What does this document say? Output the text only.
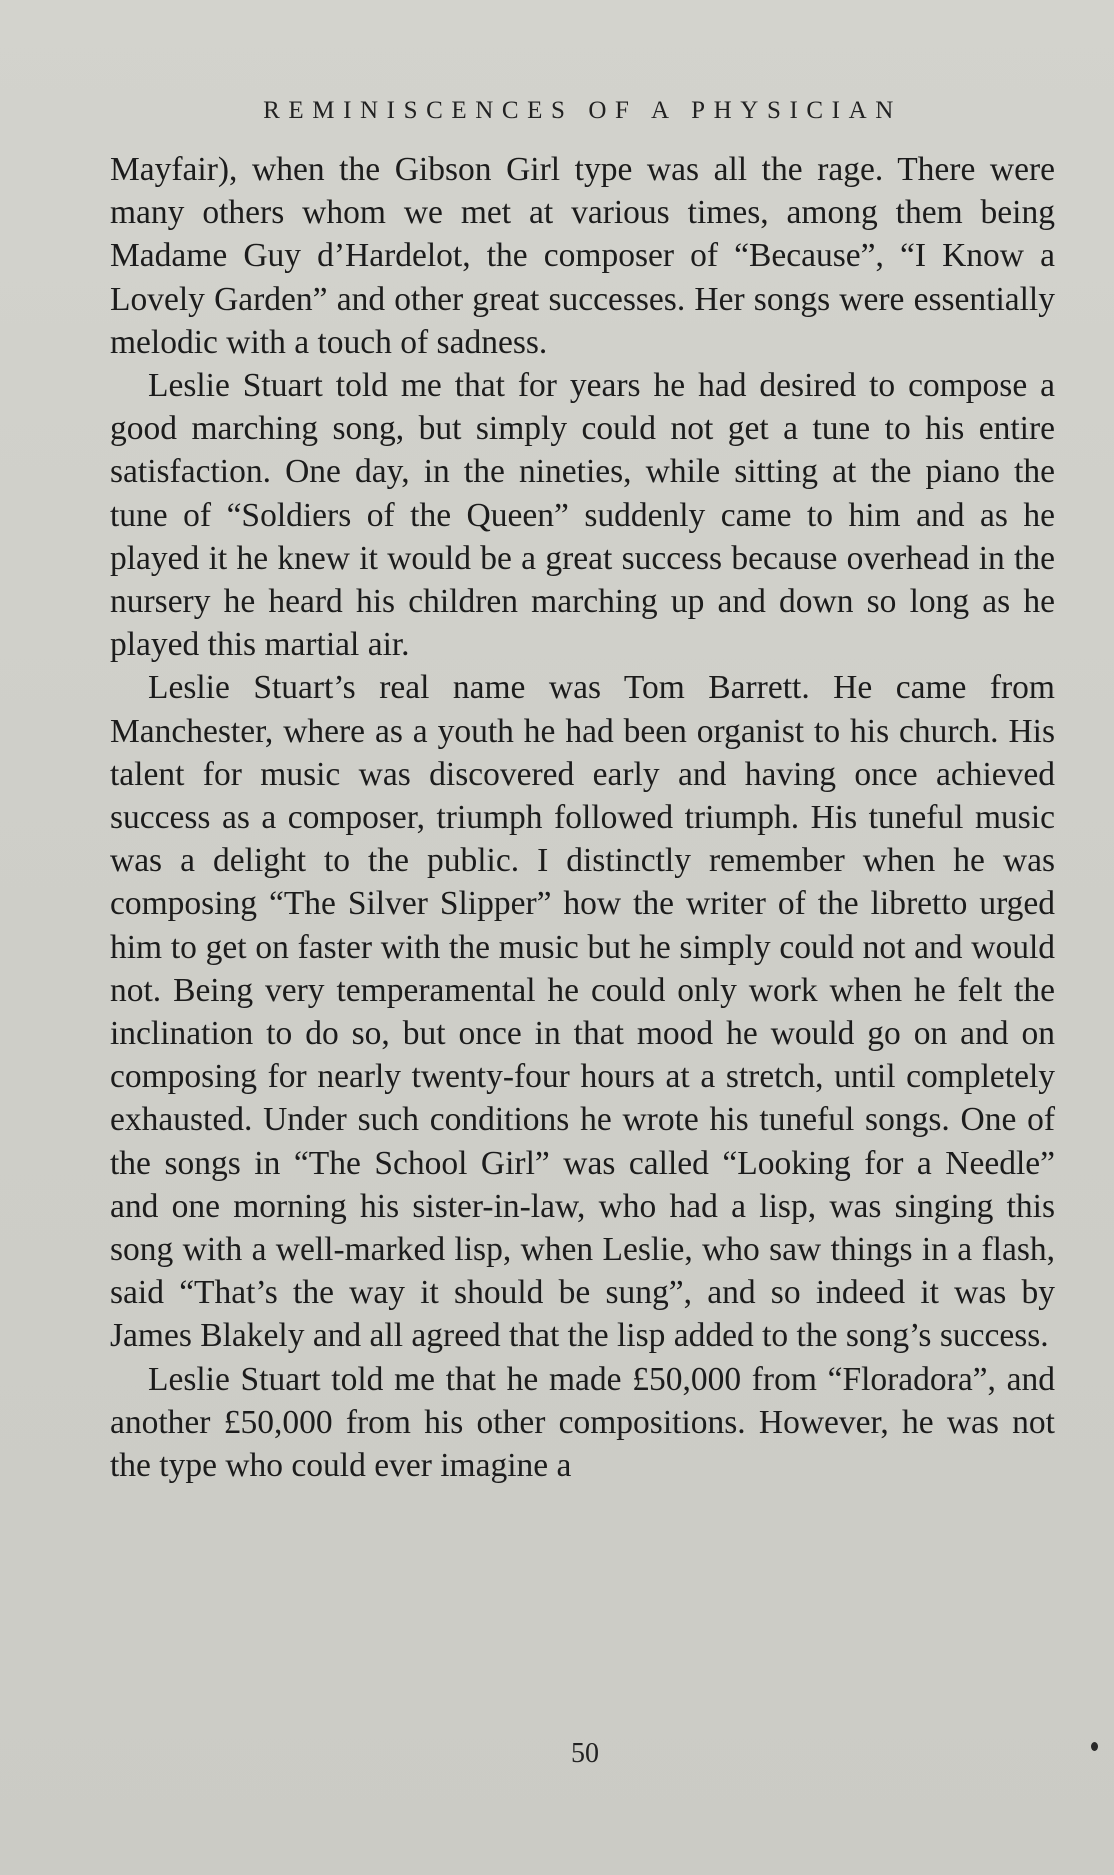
REMINISCENCES OF A PHYSICIAN

Mayfair), when the Gibson Girl type was all the rage. There were many others whom we met at various times, among them being Madame Guy d’Hardelot, the composer of “Because”, “I Know a Lovely Garden” and other great successes. Her songs were essentially melodic with a touch of sadness.

Leslie Stuart told me that for years he had desired to compose a good marching song, but simply could not get a tune to his entire satisfaction. One day, in the nineties, while sitting at the piano the tune of “Soldiers of the Queen” suddenly came to him and as he played it he knew it would be a great success because overhead in the nursery he heard his children marching up and down so long as he played this martial air.

Leslie Stuart’s real name was Tom Barrett. He came from Manchester, where as a youth he had been organist to his church. His talent for music was discovered early and having once achieved success as a composer, triumph followed triumph. His tuneful music was a delight to the public. I distinctly remember when he was composing “The Silver Slipper” how the writer of the libretto urged him to get on faster with the music but he simply could not and would not. Being very temperamental he could only work when he felt the inclination to do so, but once in that mood he would go on and on composing for nearly twenty-four hours at a stretch, until completely exhausted. Under such conditions he wrote his tuneful songs. One of the songs in “The School Girl” was called “Looking for a Needle” and one morning his sister-in-law, who had a lisp, was singing this song with a well-marked lisp, when Leslie, who saw things in a flash, said “That’s the way it should be sung”, and so indeed it was by James Blakely and all agreed that the lisp added to the song’s success.

Leslie Stuart told me that he made £50,000 from “Floradora”, and another £50,000 from his other compositions. However, he was not the type who could ever imagine a

50
